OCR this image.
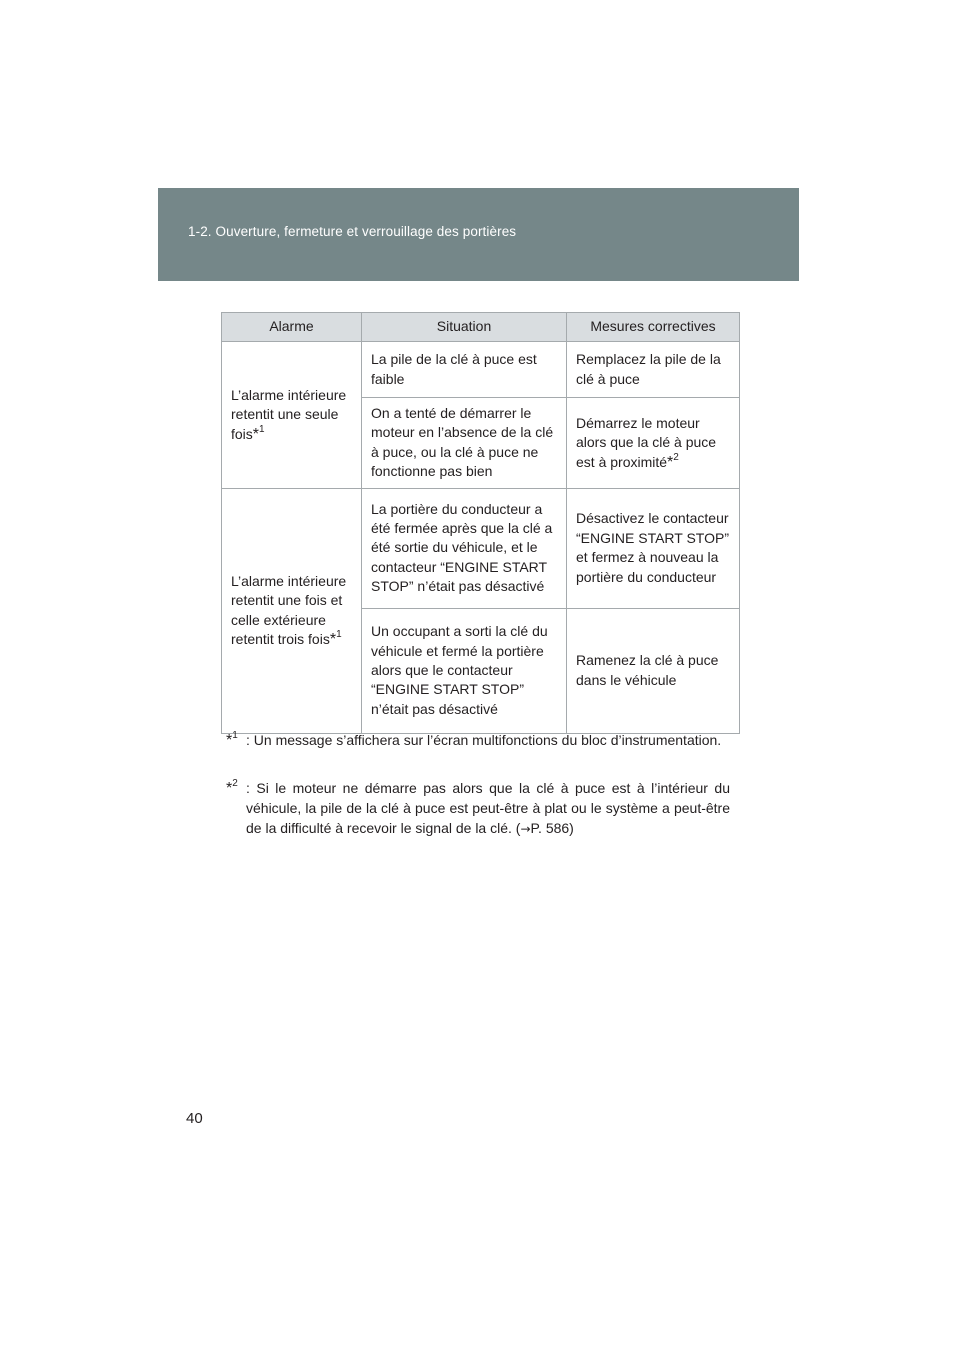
1-2. Ouverture, fermeture et verrouillage des portières
Alarme	Situation	Mesures correctives
L’alarme intérieure retentit une seule fois*$^1$	La pile de la clé à puce est faible	Remplacez la pile de la clé à puce
	On a tenté de démarrer le moteur en l’absence de la clé à puce, ou la clé à puce ne fonctionne pas bien	Démarrez le moteur alors que la clé à puce est à proximité*$^2$
L’alarme intérieure retentit une fois et celle extérieure retentit trois fois*$^1$	La portière du conducteur a été fermée après que la clé a été sortie du véhicule, et le contacteur “ENGINE START STOP” n’était pas désactivé	Désactivez le contacteur “ENGINE START STOP” et fermez à nouveau la portière du conducteur
	Un occupant a sorti la clé du véhicule et fermé la portière alors que le contacteur “ENGINE START STOP” n’était pas désactivé	Ramenez la clé à puce dans le véhicule
*$^1$ : Un message s’affichera sur l’écran multifonctions du bloc d’instrumentation.
*$^2$ : Si le moteur ne démarre pas alors que la clé à puce est à l’intérieur du véhicule, la pile de la clé à puce est peut-être à plat ou le système a peut-être de la difficulté à recevoir le signal de la clé. (→P. 586)
40
